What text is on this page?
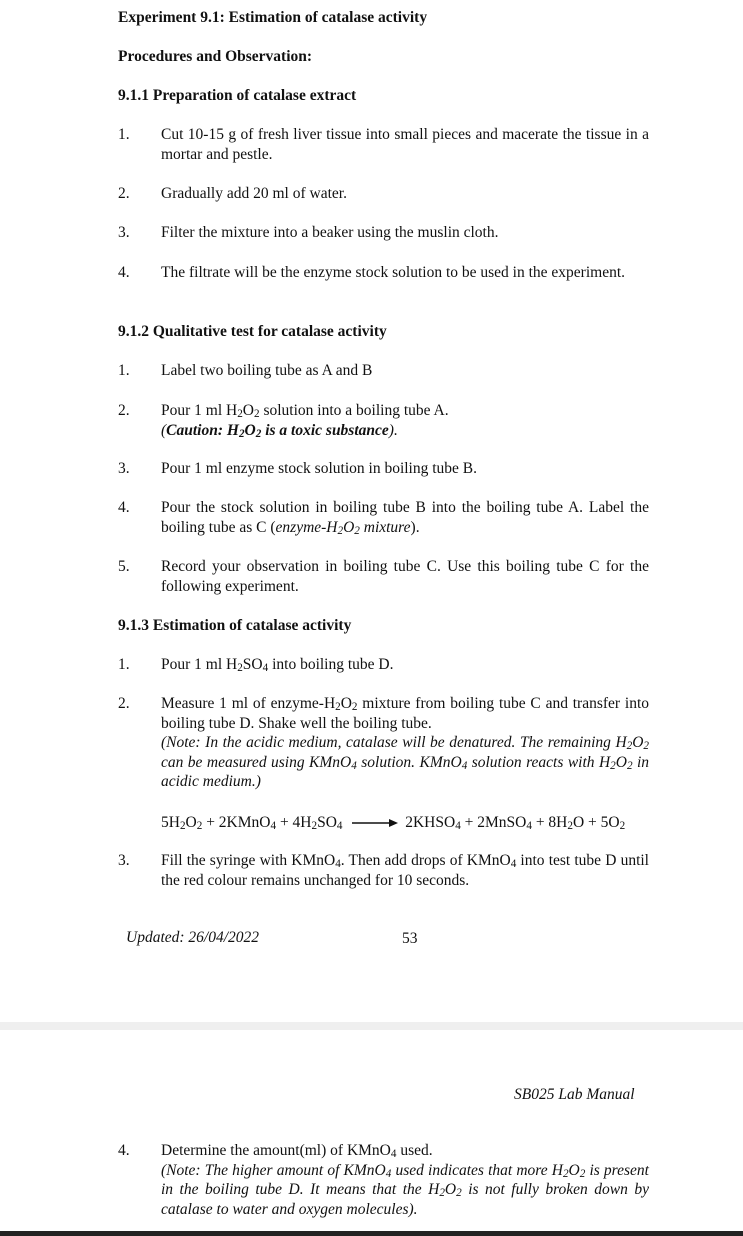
Experiment 9.1: Estimation of catalase activity
Procedures and Observation:
9.1.1 Preparation of catalase extract
1. Cut 10-15 g of fresh liver tissue into small pieces and macerate the tissue in a mortar and pestle.
2. Gradually add 20 ml of water.
3. Filter the mixture into a beaker using the muslin cloth.
4. The filtrate will be the enzyme stock solution to be used in the experiment.
9.1.2 Qualitative test for catalase activity
1. Label two boiling tube as A and B
2. Pour 1 ml $H_2O_2$ solution into a boiling tube A.
(Caution: $H_2O_2$ is a toxic substance).
3. Pour 1 ml enzyme stock solution in boiling tube B.
4. Pour the stock solution in boiling tube B into the boiling tube A. Label the boiling tube as C ($enzyme-H_2O_2$ mixture).
5. Record your observation in boiling tube C. Use this boiling tube C for the following experiment.
9.1.3 Estimation of catalase activity
1. Pour 1 ml $H_2SO_4$ into boiling tube D.
2. Measure 1 ml of enzyme-$H_2O_2$ mixture from boiling tube C and transfer into boiling tube D. Shake well the boiling tube.
(Note: In the acidic medium, catalase will be denatured. The remaining $H_2O_2$ can be measured using KMnO$_4$ solution. KMnO$_4$ solution reacts with $H_2O_2$ in acidic medium.)
$5H_2O_2$ + 2KMnO$_4$ + $4H_2SO_4$ → $2KHSO_4$ + 2MnSO$_4$ + $8H_2O + 5O_2$
3. Fill the syringe with KMnO$_4$. Then add drops of KMnO$_4$ into test tube D until the red colour remains unchanged for 10 seconds.
Updated: 26/04/2022	53
SB025 Lab Manual
4. Determine the amount(ml) of KMnO$_4$ used.
(Note: The higher amount of KMnO$_4$ used indicates that more $H_2O_2$ is present in the boiling tube D. It means that the $H_2O_2$ is not fully broken down by catalase to water and oxygen molecules).
